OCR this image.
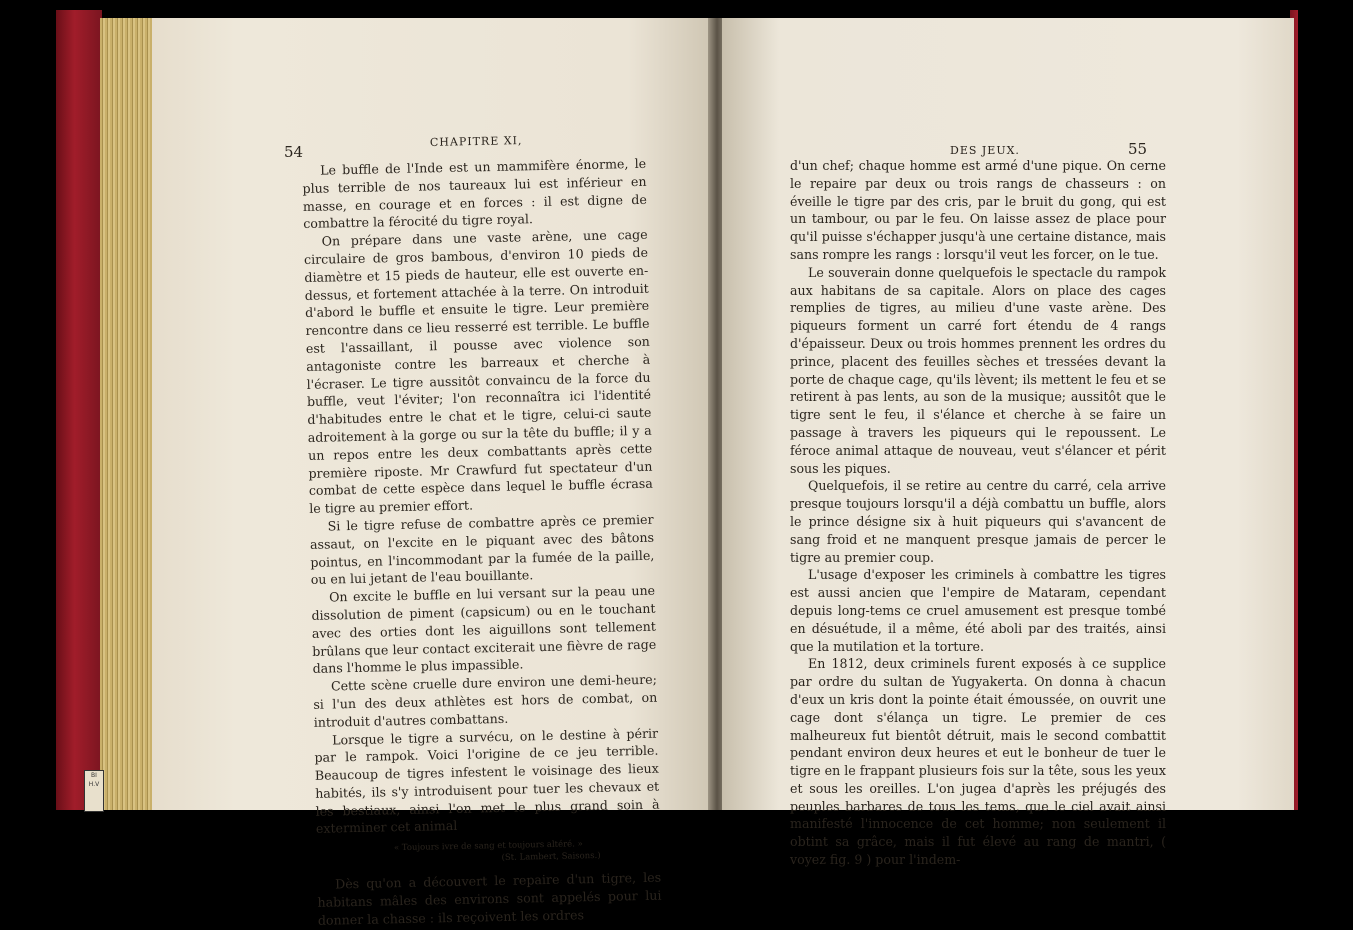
BI
H.V
54
CHAPITRE XI,

Le buffle de l'Inde est un mammifère énorme, le plus terrible de nos taureaux lui est inférieur en masse, en courage et en forces : il est digne de combattre la férocité du tigre royal.

On prépare dans une vaste arène, une cage circulaire de gros bambous, d'environ 10 pieds de diamètre et 15 pieds de hauteur, elle est ouverte en-dessus, et fortement attachée à la terre. On introduit d'abord le buffle et ensuite le tigre. Leur première rencontre dans ce lieu resserré est terrible. Le buffle est l'assaillant, il pousse avec violence son antagoniste contre les barreaux et cherche à l'écraser. Le tigre aussitôt convaincu de la force du buffle, veut l'éviter; l'on reconnaîtra ici l'identité d'habitudes entre le chat et le tigre, celui-ci saute adroitement à la gorge ou sur la tête du buffle; il y a un repos entre les deux combattants après cette première riposte. Mr Crawfurd fut spectateur d'un combat de cette espèce dans lequel le buffle écrasa le tigre au premier effort.

Si le tigre refuse de combattre après ce premier assaut, on l'excite en le piquant avec des bâtons pointus, en l'incommodant par la fumée de la paille, ou en lui jetant de l'eau bouillante.

On excite le buffle en lui versant sur la peau une dissolution de piment (capsicum) ou en le touchant avec des orties dont les aiguillons sont tellement brûlans que leur contact exciterait une fièvre de rage dans l'homme le plus impassible.

Cette scène cruelle dure environ une demi-heure; si l'un des deux athlètes est hors de combat, on introduit d'autres combattans.

Lorsque le tigre a survécu, on le destine à périr par le rampok. Voici l'origine de ce jeu terrible. Beaucoup de tigres infestent le voisinage des lieux habités, ils s'y introduisent pour tuer les chevaux et les bestiaux, ainsi l'on met le plus grand soin à exterminer cet animal

« Toujours ivre de sang et toujours altéré. »
(St. Lambert, Saisons.)

Dès qu'on a découvert le repaire d'un tigre, les habitans mâles des environs sont appelés pour lui donner la chasse : ils reçoivent les ordres

DES JEUX.	55

d'un chef; chaque homme est armé d'une pique. On cerne le repaire par deux ou trois rangs de chasseurs : on éveille le tigre par des cris, par le bruit du gong, qui est un tambour, ou par le feu. On laisse assez de place pour qu'il puisse s'échapper jusqu'à une certaine distance, mais sans rompre les rangs : lorsqu'il veut les forcer, on le tue.

Le souverain donne quelquefois le spectacle du rampok aux habitans de sa capitale. Alors on place des cages remplies de tigres, au milieu d'une vaste arène. Des piqueurs forment un carré fort étendu de 4 rangs d'épaisseur. Deux ou trois hommes prennent les ordres du prince, placent des feuilles sèches et tressées devant la porte de chaque cage, qu'ils lèvent; ils mettent le feu et se retirent à pas lents, au son de la musique; aussitôt que le tigre sent le feu, il s'élance et cherche à se faire un passage à travers les piqueurs qui le repoussent. Le féroce animal attaque de nouveau, veut s'élancer et périt sous les piques.

Quelquefois, il se retire au centre du carré, cela arrive presque toujours lorsqu'il a déjà combattu un buffle, alors le prince désigne six à huit piqueurs qui s'avancent de sang froid et ne manquent presque jamais de percer le tigre au premier coup.

L'usage d'exposer les criminels à combattre les tigres est aussi ancien que l'empire de Mataram, cependant depuis long-tems ce cruel amusement est presque tombé en désuétude, il a même, été aboli par des traités, ainsi que la mutilation et la torture.

En 1812, deux criminels furent exposés à ce supplice par ordre du sultan de Yugyakerta. On donna à chacun d'eux un kris dont la pointe était émoussée, on ouvrit une cage dont s'élança un tigre. Le premier de ces malheureux fut bientôt détruit, mais le second combattit pendant environ deux heures et eut le bonheur de tuer le tigre en le frappant plusieurs fois sur la tête, sous les yeux et sous les oreilles. L'on jugea d'après les préjugés des peuples barbares de tous les tems, que le ciel avait ainsi manifesté l'innocence de cet homme; non seulement il obtint sa grâce, mais il fut élevé au rang de mantri, ( voyez fig. 9 ) pour l'indem-
